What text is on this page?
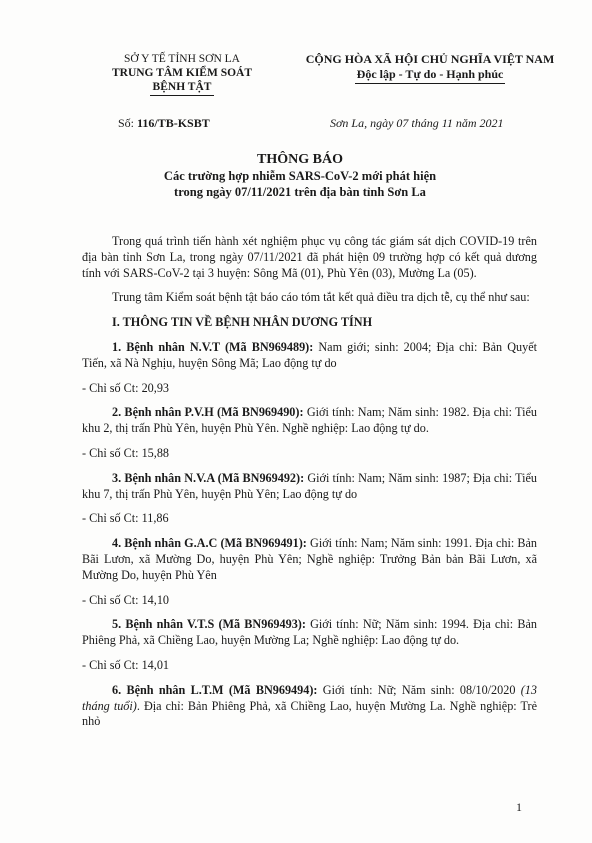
SỞ Y TẾ TỈNH SƠN LA
TRUNG TÂM KIỂM SOÁT
BỆNH TẬT
CỘNG HÒA XÃ HỘI CHỦ NGHĨA VIỆT NAM
Độc lập - Tự do - Hạnh phúc
Số: 116/TB-KSBT	Sơn La, ngày 07 tháng 11 năm 2021
THÔNG BÁO
Các trường hợp nhiễm SARS-CoV-2 mới phát hiện
trong ngày 07/11/2021 trên địa bàn tỉnh Sơn La

Trong quá trình tiến hành xét nghiệm phục vụ công tác giám sát dịch COVID-19 trên địa bàn tỉnh Sơn La, trong ngày 07/11/2021 đã phát hiện 09 trường hợp có kết quả dương tính với SARS-CoV-2 tại 3 huyện: Sông Mã (01), Phù Yên (03), Mường La (05).

Trung tâm Kiểm soát bệnh tật báo cáo tóm tắt kết quả điều tra dịch tễ, cụ thể như sau:

I. THÔNG TIN VỀ BỆNH NHÂN DƯƠNG TÍNH

1. Bệnh nhân N.V.T (Mã BN969489): Nam giới; sinh: 2004; Địa chỉ: Bản Quyết Tiến, xã Nà Nghịu, huyện Sông Mã; Lao động tự do

- Chỉ số Ct: 20,93

2. Bệnh nhân P.V.H (Mã BN969490): Giới tính: Nam; Năm sinh: 1982. Địa chỉ: Tiểu khu 2, thị trấn Phù Yên, huyện Phù Yên. Nghề nghiệp: Lao động tự do.

- Chỉ số Ct: 15,88

3. Bệnh nhân N.V.A (Mã BN969492): Giới tính: Nam; Năm sinh: 1987; Địa chỉ: Tiểu khu 7, thị trấn Phù Yên, huyện Phù Yên; Lao động tự do

- Chỉ số Ct: 11,86

4. Bệnh nhân G.A.C (Mã BN969491): Giới tính: Nam; Năm sinh: 1991. Địa chỉ: Bản Bãi Lươn, xã Mường Do, huyện Phù Yên; Nghề nghiệp: Trưởng Bản bản Bãi Lươn, xã Mường Do, huyện Phù Yên

- Chỉ số Ct: 14,10

5. Bệnh nhân V.T.S (Mã BN969493): Giới tính: Nữ; Năm sinh: 1994. Địa chỉ: Bản Phiêng Phả, xã Chiềng Lao, huyện Mường La; Nghề nghiệp: Lao động tự do.

- Chỉ số Ct: 14,01

6. Bệnh nhân L.T.M (Mã BN969494): Giới tính: Nữ; Năm sinh: 08/10/2020 (13 tháng tuổi). Địa chỉ: Bản Phiêng Phả, xã Chiềng Lao, huyện Mường La. Nghề nghiệp: Trẻ nhỏ

1
